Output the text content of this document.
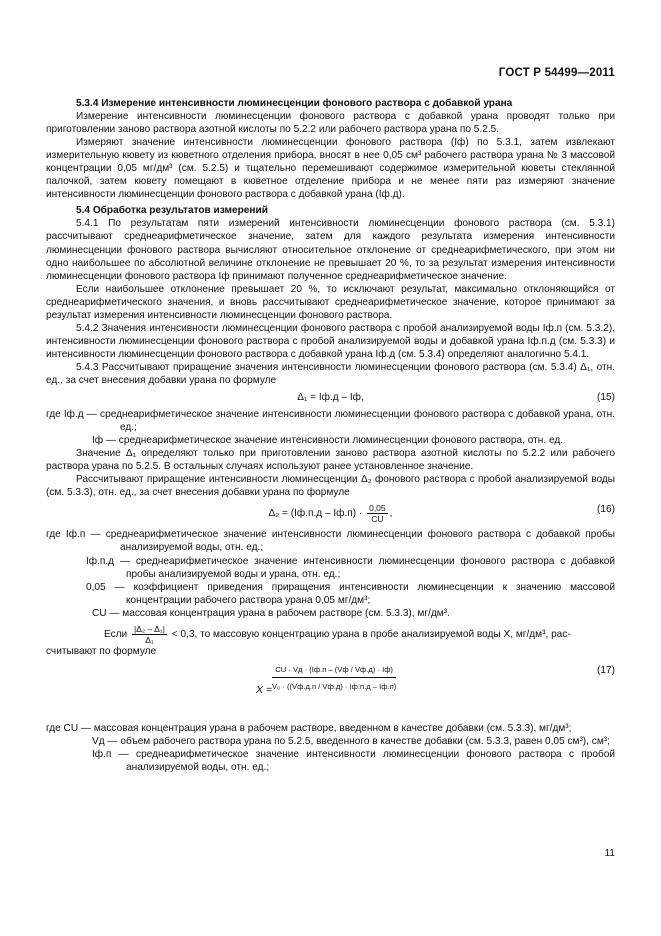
ГОСТ Р 54499—2011

5.3.4 Измерение интенсивности люминесценции фонового раствора с добавкой урана

Измерение интенсивности люминесценции фонового раствора с добавкой урана проводят только при приготовлении заново раствора азотной кислоты по 5.2.2 или рабочего раствора урана по 5.2.5.

Измеряют значение интенсивности люминесценции фонового раствора (Iф) по 5.3.1, затем извлекают измерительную кювету из кюветного отделения прибора, вносят в нее 0,05 см³ рабочего раствора урана № 3 массовой концентрации 0,05 мг/дм³ (см. 5.2.5) и тщательно перемешивают содержимое измерительной кюветы стеклянной палочкой, затем кювету помещают в кюветное отделение прибора и не менее пяти раз измеряют значение интенсивности люминесценции фонового раствора с добавкой урана (Iф.д).

5.4 Обработка результатов измерений

5.4.1 По результатам пяти измерений интенсивности люминесценции фонового раствора (см. 5.3.1) рассчитывают среднеарифметическое значение, затем для каждого результата измерения интенсивности люминесценции фонового раствора вычисляют относительное отклонение от среднеарифметического, при этом ни одно наибольшее по абсолютной величине отклонение не превышает 20 %, то за результат измерения интенсивности люминесценции фонового раствора Iф принимают полученное среднеарифметическое значение.

Если наибольшее отклонение превышает 20 %, то исключают результат, максимально отклоняющийся от среднеарифметического значения, и вновь рассчитывают среднеарифметическое значение, которое принимают за результат измерения интенсивности люминесценции фонового раствора.

5.4.2 Значения интенсивности люминесценции фонового раствора с пробой анализируемой воды Iф.п (см. 5.3.2), интенсивности люминесценции фонового раствора с пробой анализируемой воды и добавкой урана Iф.п.д (см. 5.3.3) и интенсивности люминесценции фонового раствора с добавкой урана Iф.д (см. 5.3.4) определяют аналогично 5.4.1.

5.4.3 Рассчитывают приращение значения интенсивности люминесценции фонового раствора (см. 5.3.4) Δ₁, отн. ед., за счет внесения добавки урана по формуле

Δ₁ = Iф.д – Iф,	(15)

где Iф.д — среднеарифметическое значение интенсивности люминесценции фонового раствора с добавкой урана, отн. ед.;

Iф — среднеарифметическое значение интенсивности люминесценции фонового раствора, отн. ед.

Значение Δ₁ определяют только при приготовлении заново раствора азотной кислоты по 5.2.2 или рабочего раствора урана по 5.2.5. В остальных случаях используют ранее установленное значение.

Рассчитывают приращение интенсивности люминесценции Δ₂ фонового раствора с пробой анализируемой воды (см. 5.3.3), отн. ед., за счет внесения добавки урана по формуле

$\Delta_2 = (Iф.п.д - Iф.п) \cdot \frac{0,05}{CU}$ ,	(16)

где Iф.п — среднеарифметическое значение интенсивности люминесценции фонового раствора с добавкой пробы анализируемой воды, отн. ед.;

Iф.п.д — среднеарифметическое значение интенсивности люминесценции фонового раствора с добавкой пробы анализируемой воды и урана, отн. ед.;

0,05 — коэффициент приведения приращения интенсивности люминесценции к значению массовой концентрации рабочего раствора урана 0,05 мг/дм³;

CU — массовая концентрация урана в рабочем растворе (см. 5.3.3), мг/дм³.

Если $\frac{\text{|Δ₂ – Δ₁|}}{\text{Δ₁}} < 0,3$, то массовую концентрацию урана в пробе анализируемой воды X, мг/дм³, рас-

считывают по формуле

X =
CU · Vд · (Iф.п – (Vф / Vф.д) · Iф)
V₀ · ((Vф.д.п / Vф.д) · Iф.п.д – Iф.п)
(17)

где CU — массовая концентрация урана в рабочем растворе, введенном в качестве добавки (см. 5.3.3), мг/дм³;

Vд — объем рабочего раствора урана по 5.2.5, введенного в качестве добавки (см. 5.3.3, равен 0,05 см³), см³;

Iф.п — среднеарифметическое значение интенсивности люминесценции фонового раствора с пробой анализируемой воды, отн. ед.;

11
